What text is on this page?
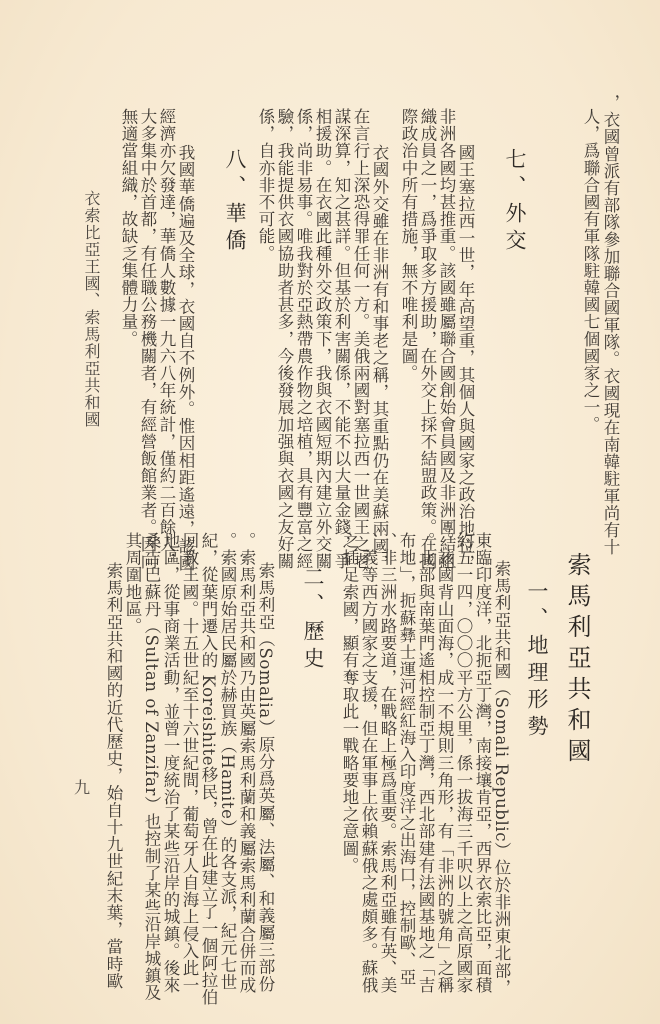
，衣國曾派有部隊參加聯合國軍隊。衣國現在南韓駐軍尚有十
人，爲聯合國有軍隊駐韓國七個國家之一。
七、外交
國王塞拉西一世，年高望重，其個人與國家之政治地位，
非洲各國均甚推重。該國雖屬聯合國創始會員國及非洲團結組
織成員之一，爲爭取多方援助，在外交上採不結盟政策。在國
際政治中所有措施，無不唯利是圖。
衣國外交雖在非洲有和事老之稱，其重點仍在美蘇兩國，
在言行上深恐得罪任何一方。美俄兩國對塞拉西一世國王之老
謀深算，知之甚詳。但基於利害關係，不能不以大量金錢，爭
相援助。在衣國此種外交政策下，我與衣國短期內建立外交關
係，尚非易事。唯我對於亞熱帶農作物之培植，具有豐富之經
驗，我能提供衣國協助者甚多，今後發展加强與衣國之友好關
係，自亦非不可能。
八、華僑
我國華僑遍及全球，衣國自不例外。惟因相距遙遠，該國
經濟亦欠發達，華僑人數據一九六八年統計，僅約二百餘人，
大多集中於首都，有任職公務機關者，有經營飯館業者。因向
無適當組織，故缺乏集體力量。
衣索比亞王國、索馬利亞共和國
索馬利亞共和國
一、地理形勢
索馬利亞共和國（Somali Republic）位於非洲東北部，
東臨印度洋，北扼亞丁灣，南接壤肯亞，西界衣索比亞，面積
約五一四，〇〇〇平方公里，係一拔海三千呎以上之高原國家
。該國背山面海，成一不規則三角形，有「非洲的號角」之稱
。北部與南葉門遙相控制亞丁灣，西北部建有法國基地之「吉
布地」，扼蘇彝士運河經紅海入印度洋之出海口，控制歐、亞
、非三洲水路要道，在戰略上極爲重要。索馬利亞雖有英、美
、義等西方國家之支援，但在軍事上依賴蘇俄之處頗多。蘇俄
之插足索國，顯有奪取此一戰略要地之意圖。
二、歷史
索馬利亞（Somalia）原分爲英屬、法屬、和義屬三部份
。索馬利亞共和國乃由英屬索馬利蘭和義屬索馬利蘭合併而成
。索國原始居民屬於赫買族（Hamite）的各支派，紀元七世
紀，從葉門遷入的 Koreishite移民，曾在此建立了一個阿拉伯
回教王國。十五世紀至十六世紀間，葡萄牙人自海上侵入此一
地區，從事商業活動，並曾一度統治了某些沿岸的城鎮。後來
桑吉巴蘇丹（Sultan of Zanzifar）也控制了某些沿岸城鎮及
其周圍地區。
索馬利亞共和國的近代歷史，始自十九世紀末葉，當時歐
九
